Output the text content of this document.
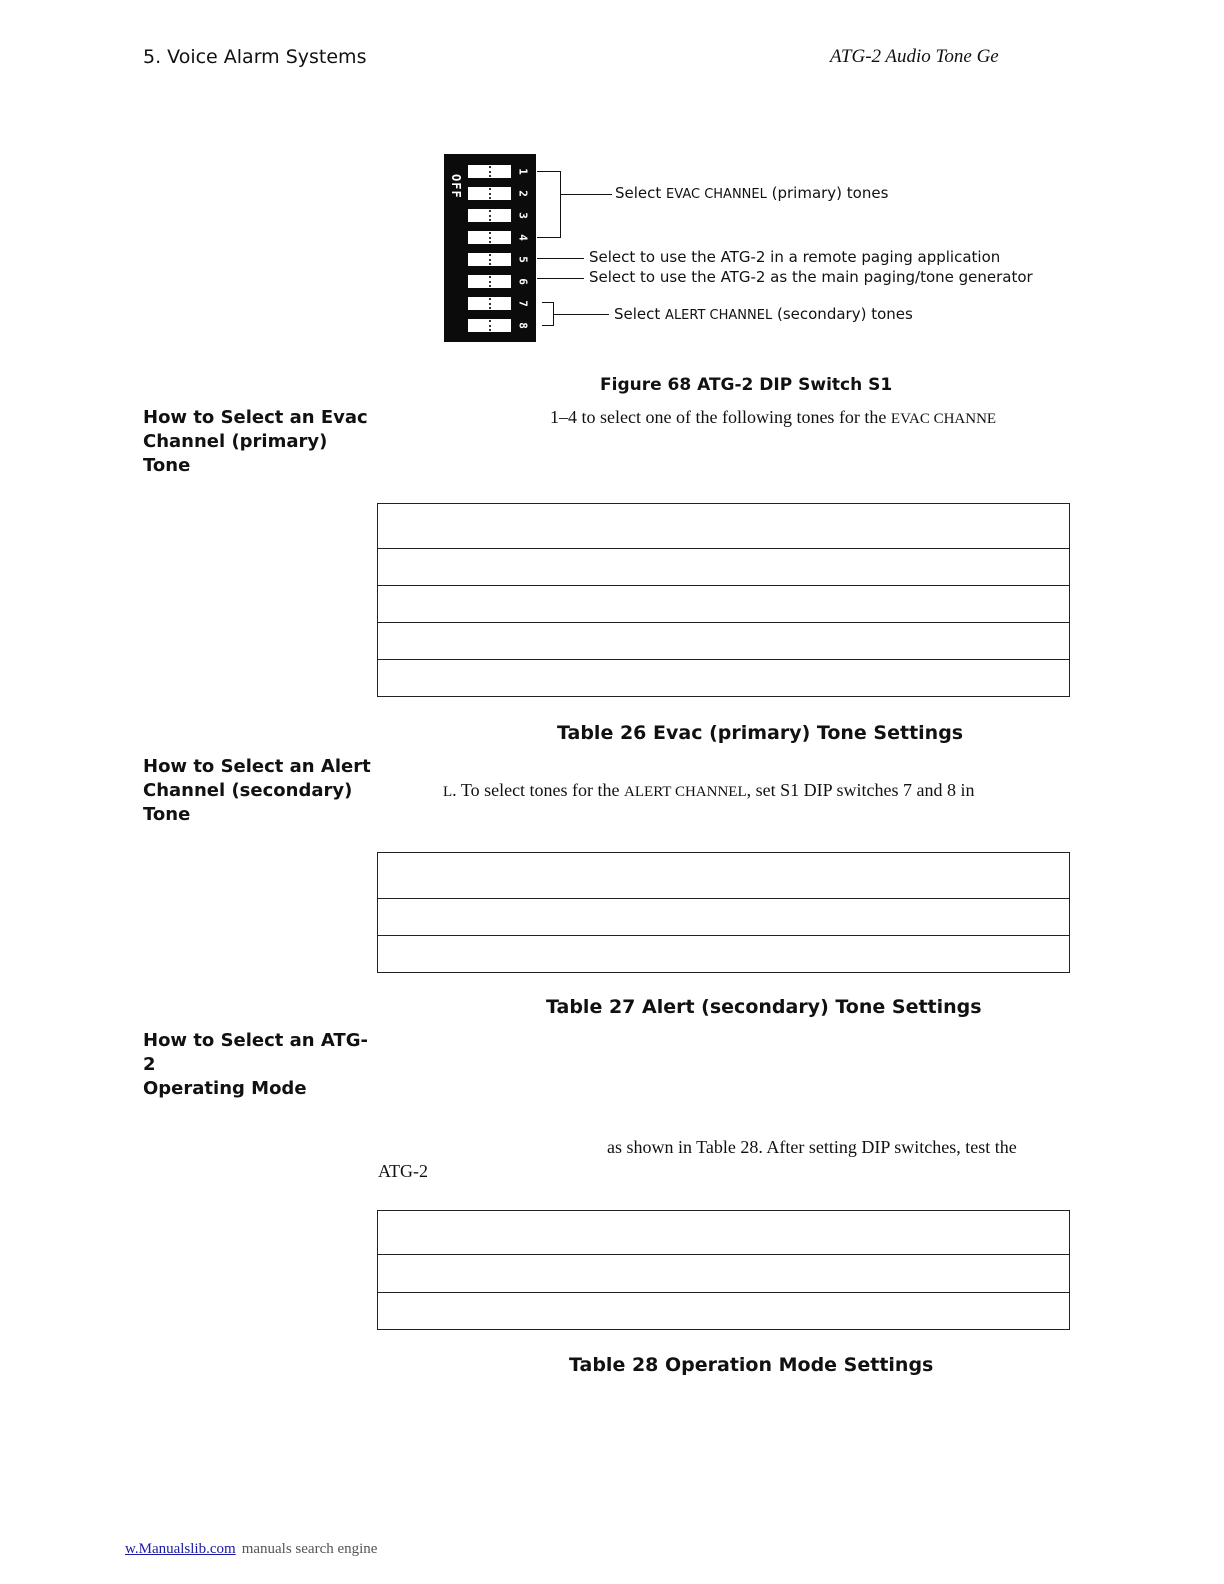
5. Voice Alarm Systems	ATG-2 Audio Tone Ge
OFF
1
2
3
4
5
6
7
8
Select EVAC CHANNEL (primary) tones
Select to use the ATG-2 in a remote paging application
Select to use the ATG-2 as the main paging/tone generator
Select ALERT CHANNEL (secondary) tones
Figure 68 ATG-2 DIP Switch S1
How to Select an Evac
Channel (primary) Tone
1–4 to select one of the following tones for the EVAC CHANNE

Table 26 Evac (primary) Tone Settings
How to Select an Alert
Channel (secondary)
Tone
L. To select tones for the ALERT CHANNEL, set S1 DIP switches 7 and 8 in

Table 27 Alert (secondary) Tone Settings
How to Select an ATG-2
Operating Mode
as shown in Table 28. After setting DIP switches, test the
ATG-2

Table 28 Operation Mode Settings
w.Manualslib.com manuals search engine
